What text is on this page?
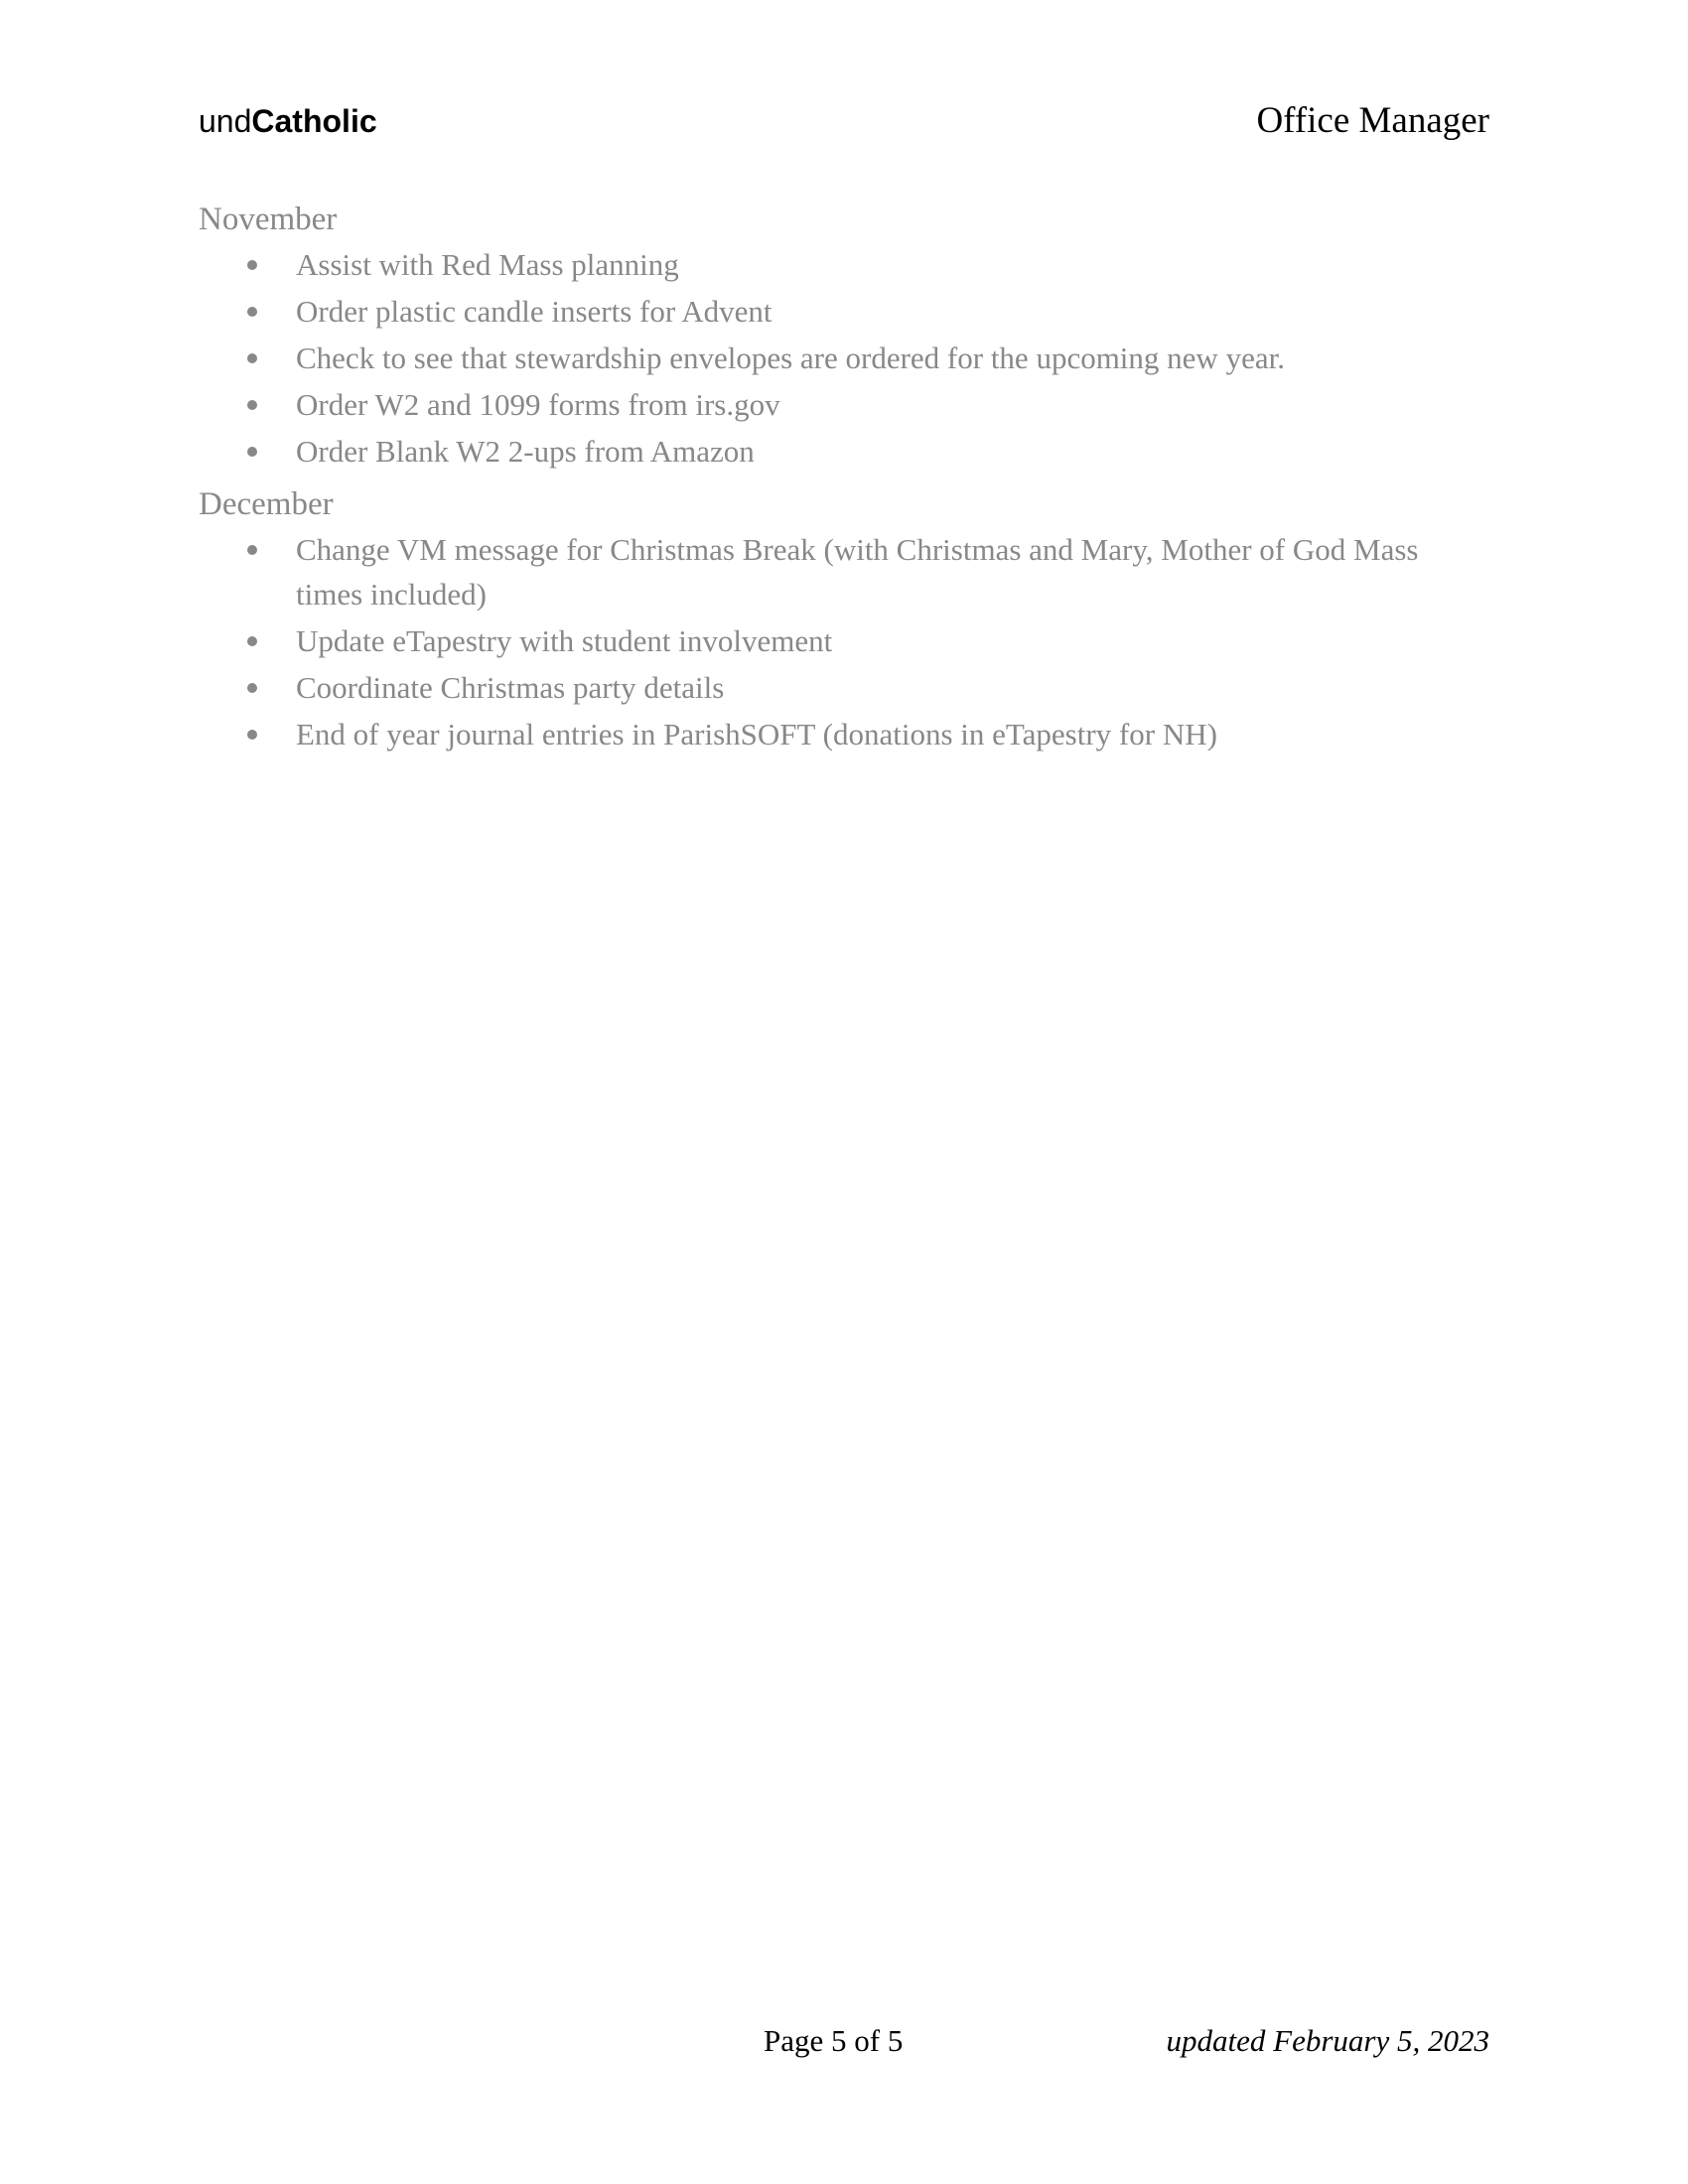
undCatholic	Office Manager

November

Assist with Red Mass planning
Order plastic candle inserts for Advent
Check to see that stewardship envelopes are ordered for the upcoming new year.
Order W2 and 1099 forms from irs.gov
Order Blank W2 2-ups from Amazon

December

Change VM message for Christmas Break (with Christmas and Mary, Mother of God Mass times included)
Update eTapestry with student involvement
Coordinate Christmas party details
End of year journal entries in ParishSOFT (donations in eTapestry for NH)
Page 5 of 5	updated February 5, 2023
